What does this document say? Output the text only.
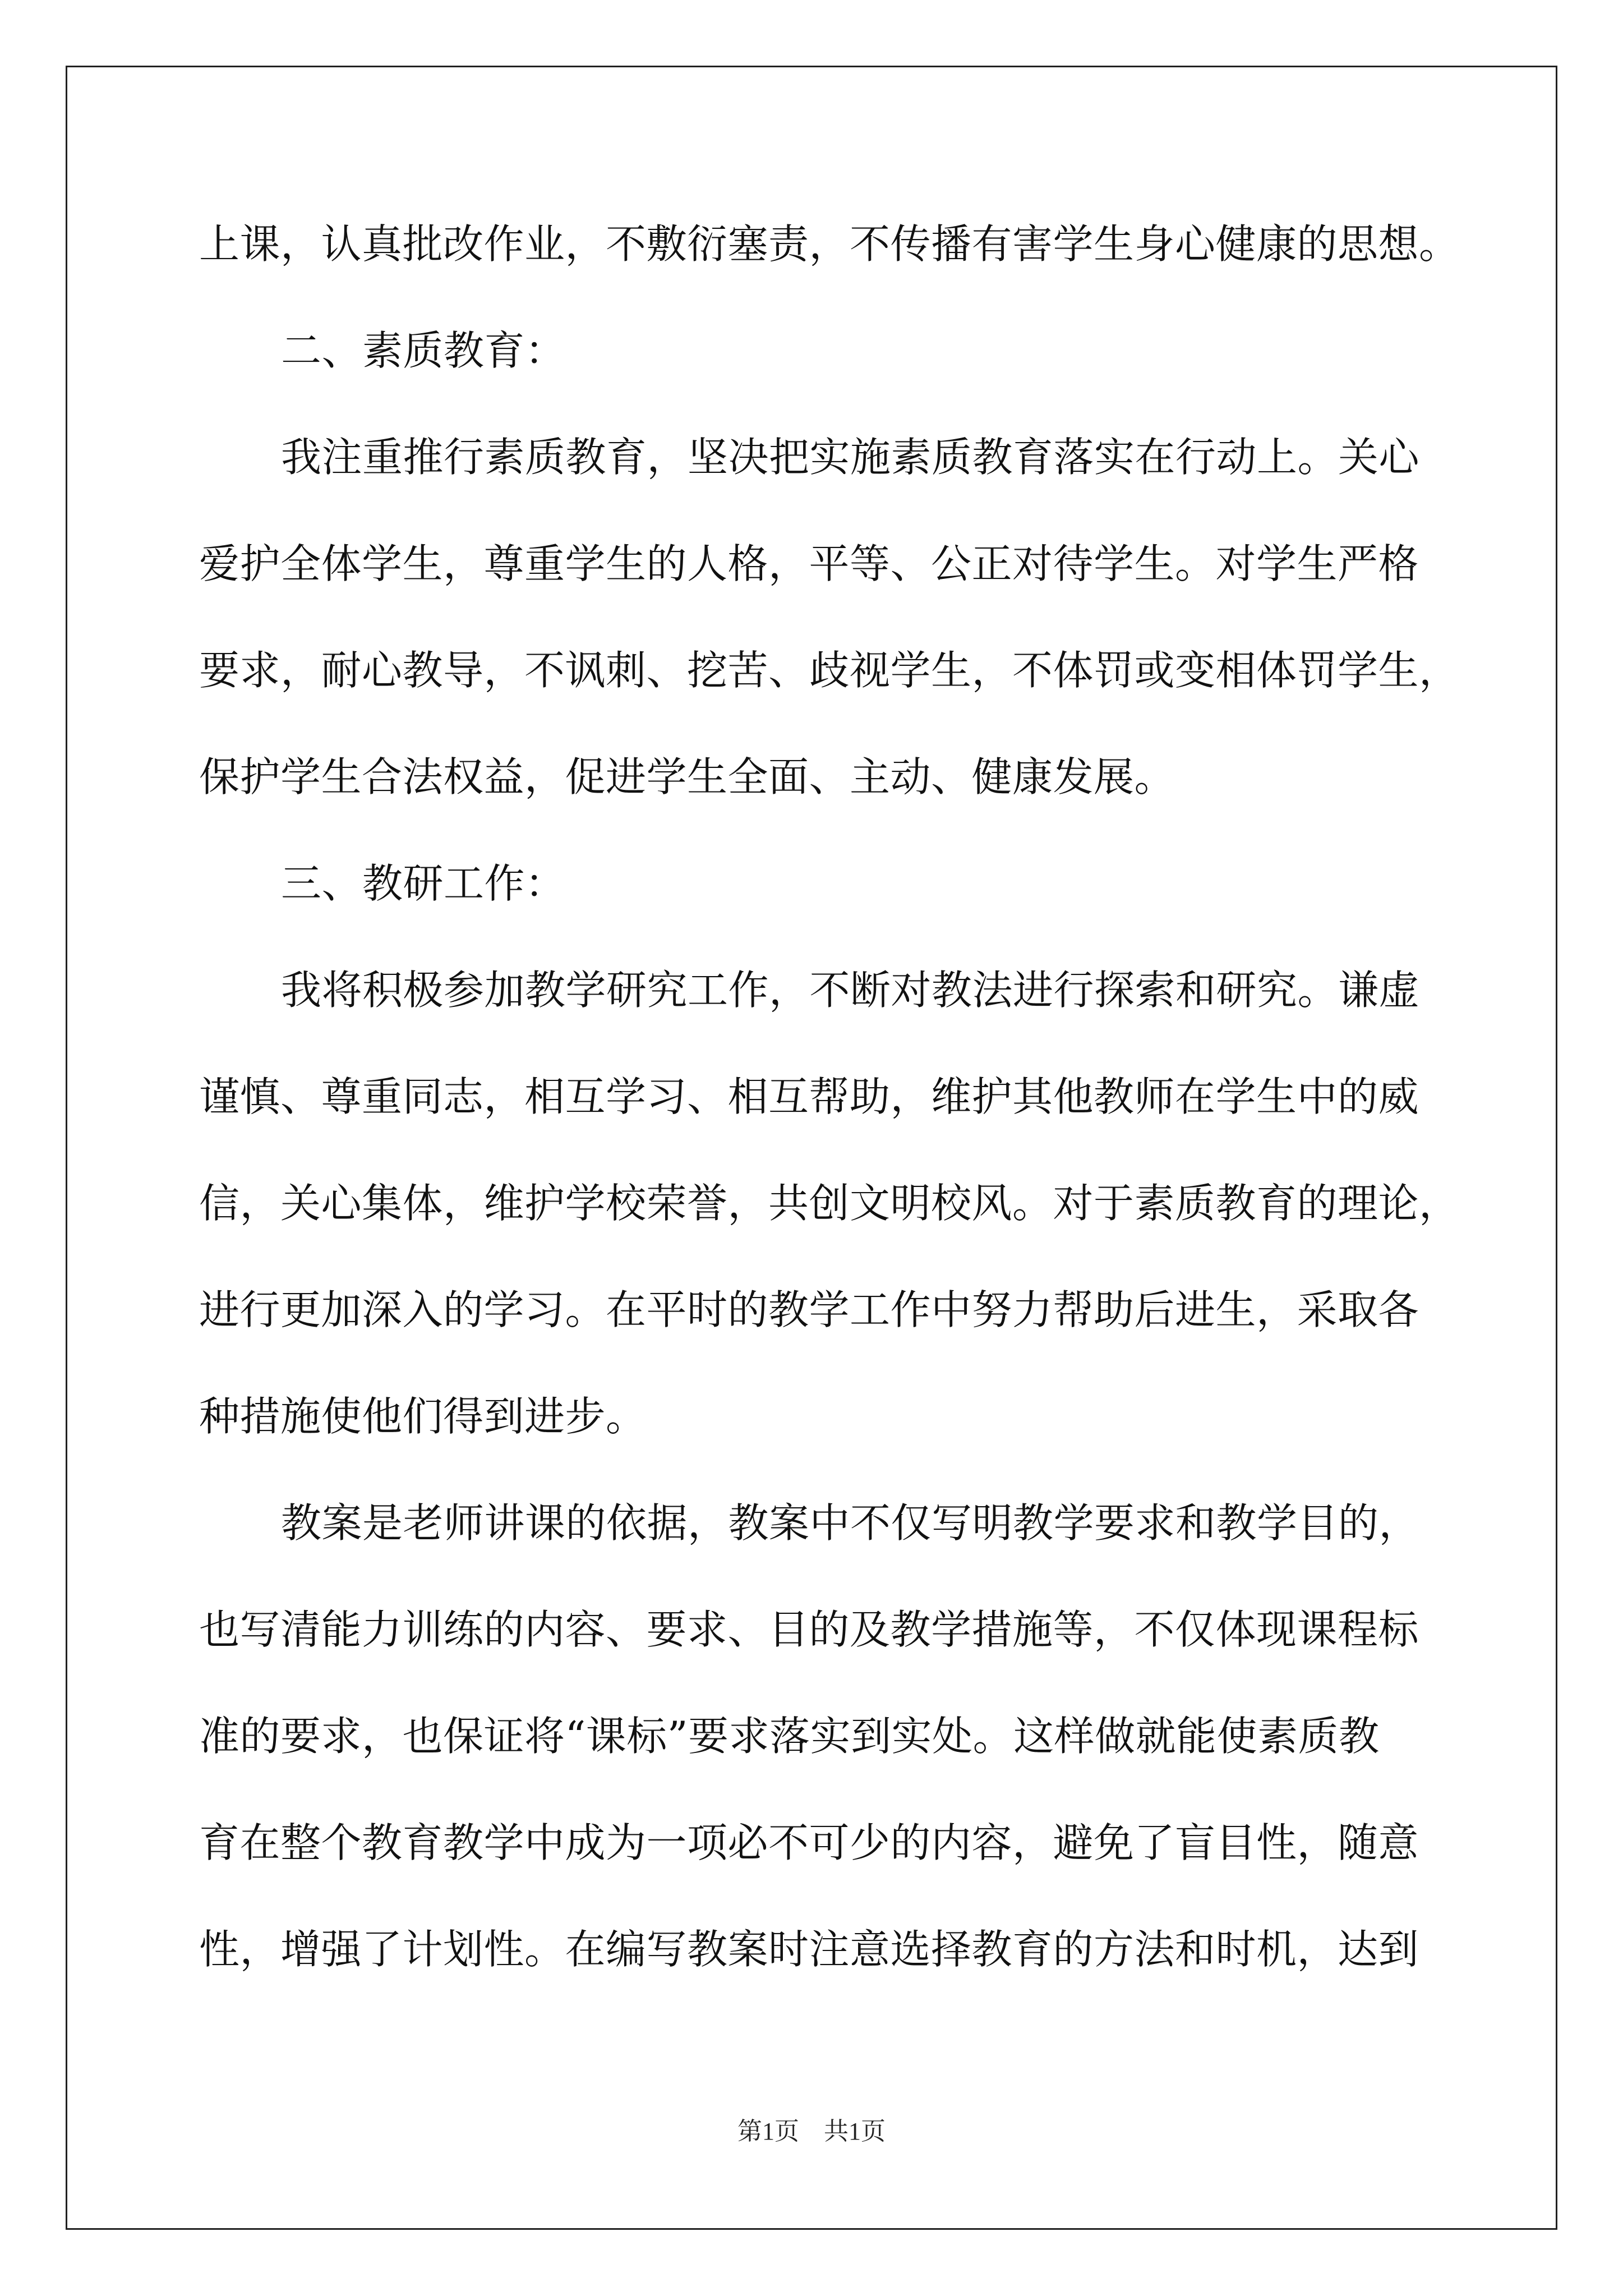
上课，认真批改作业，不敷衍塞责，不传播有害学生身心健康的思想。
二、素质教育：
我注重推行素质教育，坚决把实施素质教育落实在行动上。关心
爱护全体学生，尊重学生的人格，平等、公正对待学生。对学生严格
要求，耐心教导，不讽刺、挖苦、歧视学生，不体罚或变相体罚学生，
保护学生合法权益，促进学生全面、主动、健康发展。
三、教研工作：
我将积极参加教学研究工作，不断对教法进行探索和研究。谦虚
谨慎、尊重同志，相互学习、相互帮助，维护其他教师在学生中的威
信，关心集体，维护学校荣誉，共创文明校风。对于素质教育的理论，
进行更加深入的学习。在平时的教学工作中努力帮助后进生，采取各
种措施使他们得到进步。
教案是老师讲课的依据，教案中不仅写明教学要求和教学目的，
也写清能力训练的内容、要求、目的及教学措施等，不仅体现课程标
准的要求，也保证将“课标”要求落实到实处。这样做就能使素质教
育在整个教育教学中成为一项必不可少的内容，避免了盲目性，随意
性，增强了计划性。在编写教案时注意选择教育的方法和时机，达到
第1页　共1页
